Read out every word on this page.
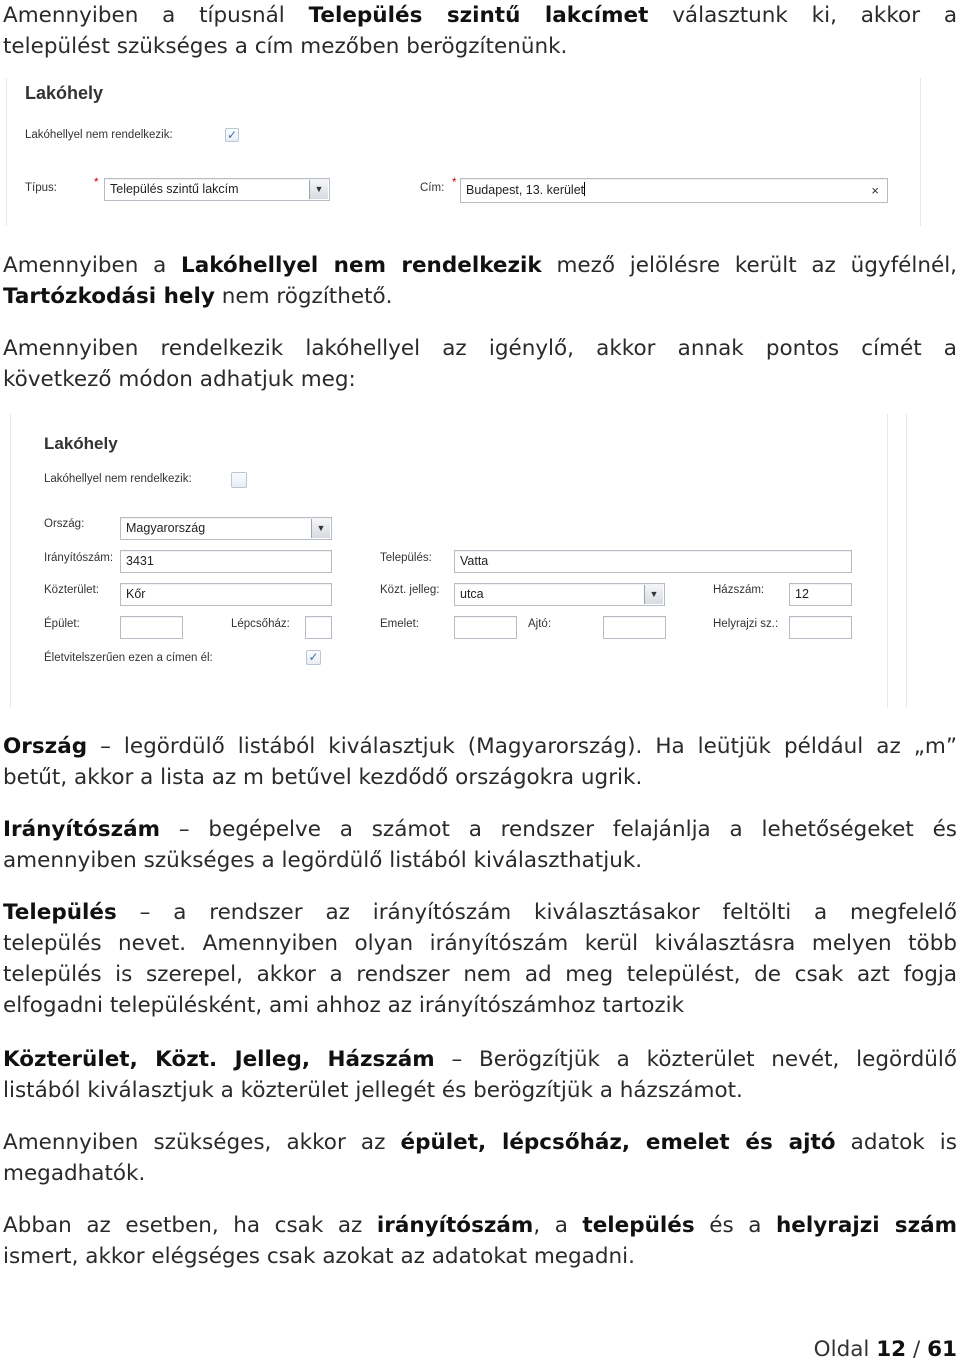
Amennyiben a típusnál Település szintű lakcímet választunk ki, akkor a
települést szükséges a cím mezőben berögzítenünk.
Lakóhely
Lakóhellyel nem rendelkezik:	✓
Típus:	* Település szintű lakcím	▼	Cím: * Budapest, 13. kerület	×
Amennyiben a Lakóhellyel nem rendelkezik mező jelölésre került az ügyfélnél,
Tartózkodási hely nem rögzíthető.
Amennyiben rendelkezik lakóhellyel az igénylő, akkor annak pontos címét a
következő módon adhatjuk meg:
Lakóhely
Lakóhellyel nem rendelkezik:
Ország:	Magyarország	▼
Irányítószám:	3431	Település:	Vatta
Közterület:	Kőr	Közt. jelleg:	utca	▼	Házszám:	12
Épület:	Lépcsőház:	Emelet:	Ajtó:	Helyrajzi sz.:
Életvitelszerűen ezen a címen él:	✓
Ország – legördülő listából kiválasztjuk (Magyarország). Ha leütjük például az „m”
betűt, akkor a lista az m betűvel kezdődő országokra ugrik.
Irányítószám – begépelve a számot a rendszer felajánlja a lehetőségeket és
amennyiben szükséges a legördülő listából kiválaszthatjuk.
Település – a rendszer az irányítószám kiválasztásakor feltölti a megfelelő
település nevet. Amennyiben olyan irányítószám kerül kiválasztásra melyen több
település is szerepel, akkor a rendszer nem ad meg települést, de csak azt fogja
elfogadni településként, ami ahhoz az irányítószámhoz tartozik
Közterület, Közt. Jelleg, Házszám – Berögzítjük a közterület nevét, legördülő
listából kiválasztjuk a közterület jellegét és berögzítjük a házszámot.
Amennyiben szükséges, akkor az épület, lépcsőház, emelet és ajtó adatok is
megadhatók.
Abban az esetben, ha csak az irányítószám, a település és a helyrajzi szám
ismert, akkor elégséges csak azokat az adatokat megadni.
Oldal 12 / 61
